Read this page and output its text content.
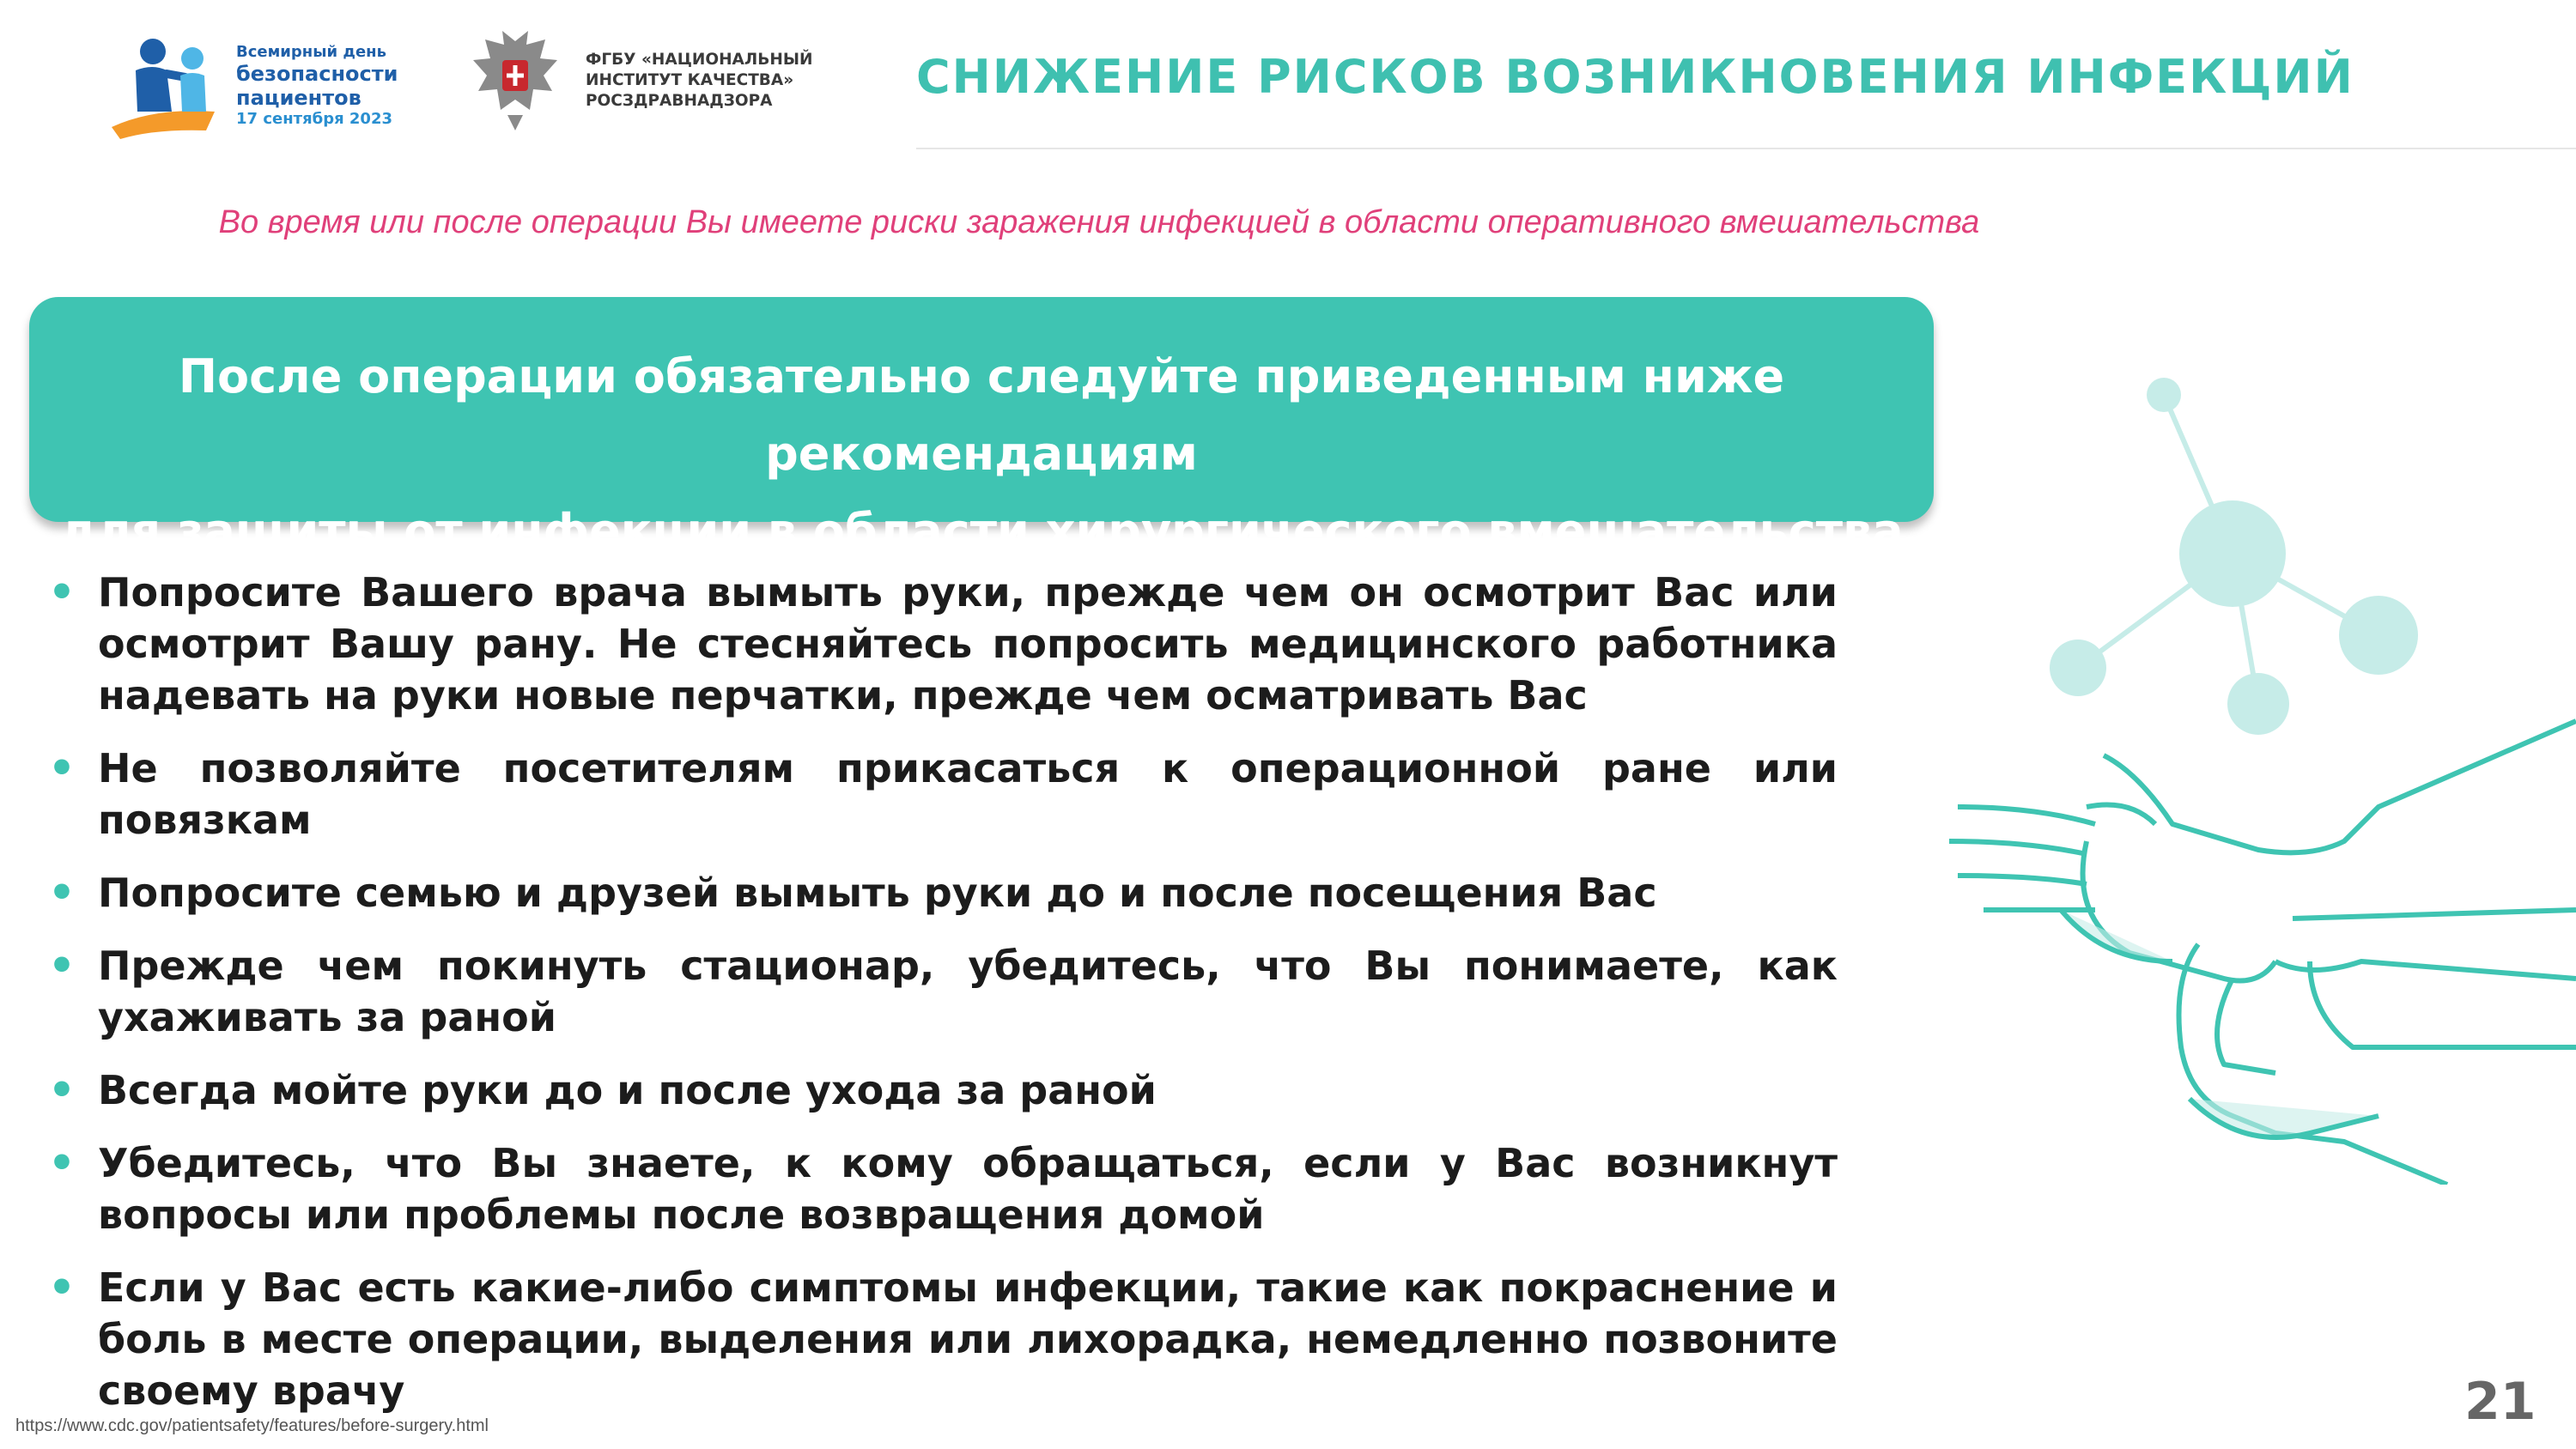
Всемирный день
безопасности
пациентов
17 сентября 2023
ФГБУ «НАЦИОНАЛЬНЫЙ
ИНСТИТУТ КАЧЕСТВА»
РОСЗДРАВНАДЗОРА	СНИЖЕНИЕ РИСКОВ ВОЗНИКНОВЕНИЯ ИНФЕКЦИЙ
Во время или после операции Вы имеете риски заражения инфекцией в области оперативного вмешательства
После операции обязательно следуйте приведенным ниже рекомендациям
для защиты от инфекции в области хирургического вмешательства
• Попросите Вашего врача вымыть руки, прежде чем он осмотрит Вас или осмотрит Вашу рану. Не стесняйтесь попросить медицинского работника надевать на руки новые перчатки, прежде чем осматривать Вас
• Не позволяйте посетителям прикасаться к операционной ране или повязкам
• Попросите семью и друзей вымыть руки до и после посещения Вас
• Прежде чем покинуть стационар, убедитесь, что Вы понимаете, как ухаживать за раной
• Всегда мойте руки до и после ухода за раной
• Убедитесь, что Вы знаете, к кому обращаться, если у Вас возникнут вопросы или проблемы после возвращения домой
• Если у Вас есть какие-либо симптомы инфекции, такие как покраснение и боль в месте операции, выделения или лихорадка, немедленно позвоните своему врачу
https://www.cdc.gov/patientsafety/features/before-surgery.html	21
